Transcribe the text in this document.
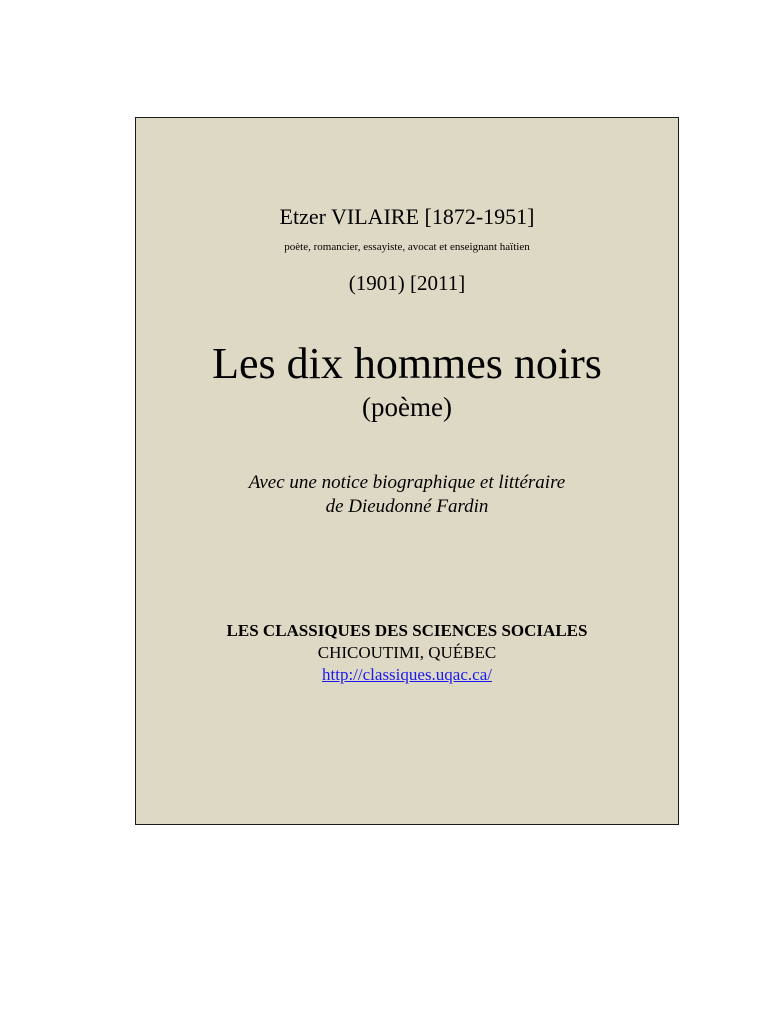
Etzer VILAIRE [1872-1951]
poète, romancier, essayiste, avocat et enseignant haïtien
(1901) [2011]
Les dix hommes noirs
(poème)
Avec une notice biographique et littéraire
de Dieudonné Fardin
LES CLASSIQUES DES SCIENCES SOCIALES
CHICOUTIMI, QUÉBEC
http://classiques.uqac.ca/
